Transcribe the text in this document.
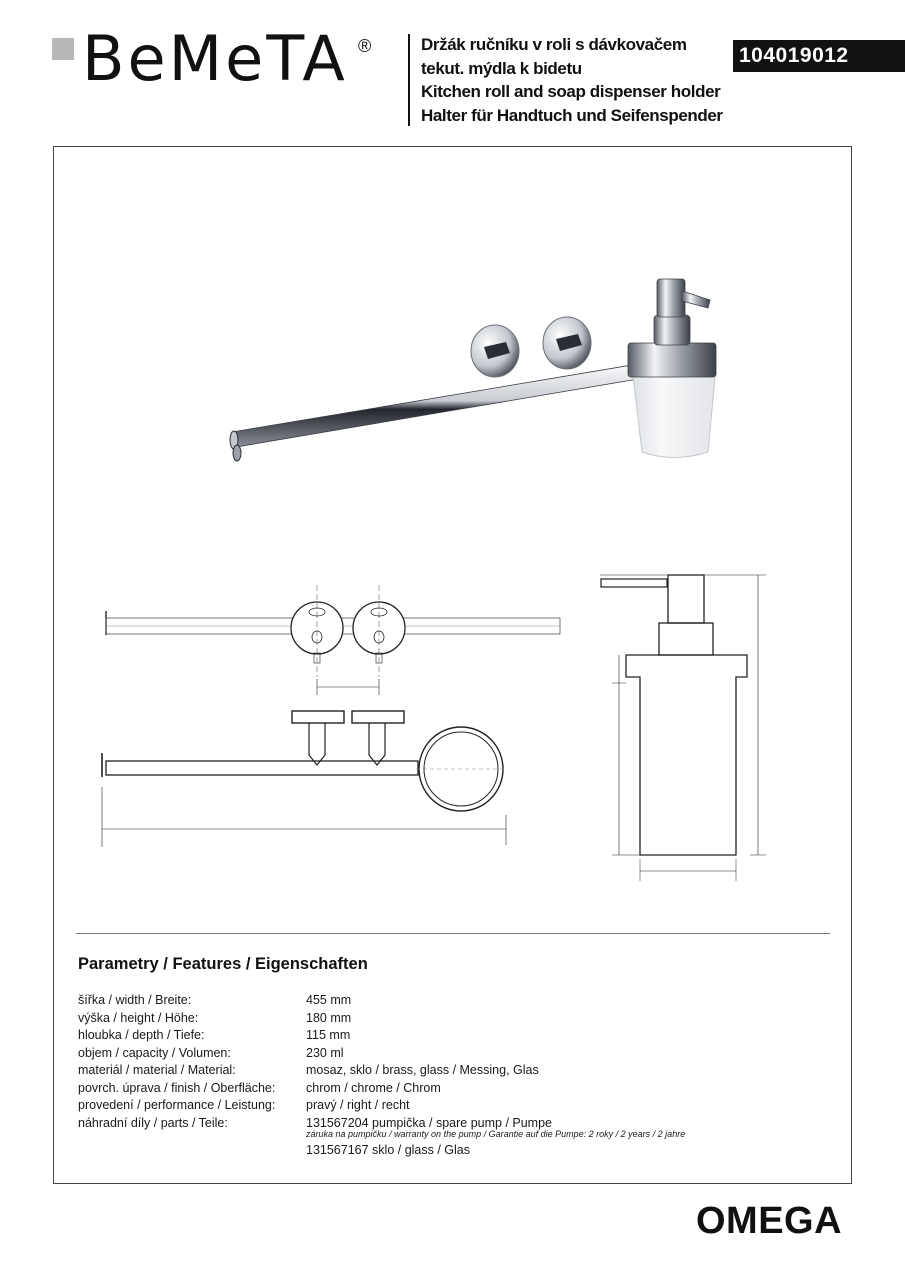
BeMeTA ®	Držák ručníku v roli s dávkovačem
tekut. mýdla k bidetu
Kitchen roll and soap dispenser holder
Halter für Handtuch und Seifenspender
104019012
Parametry / Features / Eigenschaften
šířka / width / Breite:	455 mm
výška / height / Höhe:	180 mm
hloubka / depth / Tiefe:	115 mm
objem / capacity / Volumen:	230 ml
materiál / material / Material:	mosaz, sklo / brass, glass / Messing, Glas
povrch. úprava / finish / Oberfläche: chrom / chrome / Chrom
provedení / performance / Leistung: pravý / right / recht
náhradní díly / parts / Teile:	131567204 pumpička / spare pump / Pumpe
záruka na pumpičku / warranty on the pump / Garantie auf die Pumpe: 2 roky / 2 years / 2 jahre
131567167 sklo / glass / Glas
OMEGA
